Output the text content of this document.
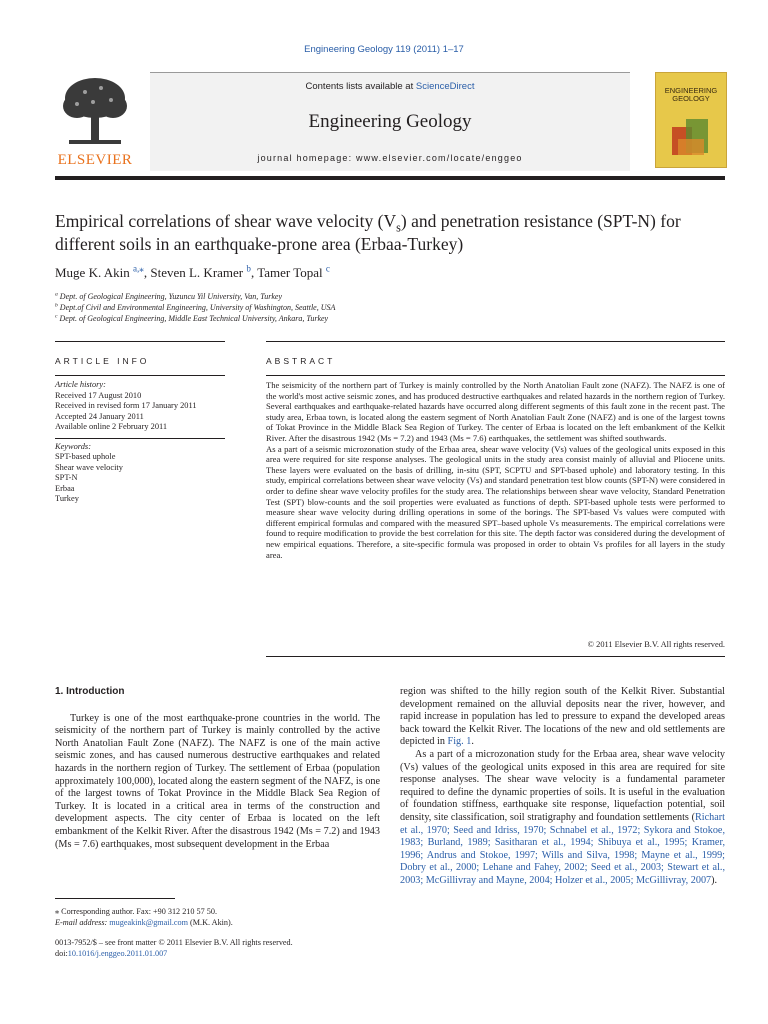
Engineering Geology 119 (2011) 1–17
ELSEVIER
Contents lists available at ScienceDirect
Engineering Geology
journal homepage: www.elsevier.com/locate/enggeo
ENGINEERING
GEOLOGY
Empirical correlations of shear wave velocity $(V_s)$ and penetration resistance (SPT-N) for different soils in an earthquake-prone area (Erbaa-Turkey)
Muge K. Akin $^{a,⁎}$, Steven L. Kramer $^b$, Tamer Topal $^c$
$^a$ Dept. of Geological Engineering, Yuzuncu Yil University, Van, Turkey
$^b$ Dept.of Civil and Environmental Engineering, University of Washington, Seattle, USA
$^c$ Dept. of Geological Engineering, Middle East Technical University, Ankara, Turkey
ARTICLE INFO	ABSTRACT
Article history:
Received 17 August 2010
Received in revised form 17 January 2011
Accepted 24 January 2011
Available online 2 February 2011
Keywords:
SPT-based uphole
Shear wave velocity
SPT-N
Erbaa
Turkey

The seismicity of the northern part of Turkey is mainly controlled by the North Anatolian Fault zone (NAFZ). The NAFZ is one of the world's most active seismic zones, and has produced destructive earthquakes and related hazards in the northern region of Turkey. Several earthquakes and earthquake-related hazards have occurred along different segments of this fault zone in the recent past. The study area, Erbaa town, is located along the eastern segment of North Anatolian Fault Zone (NAFZ) and is one of the largest towns of Tokat Province in the Middle Black Sea Region of Turkey. The center of Erbaa is located on the left embankment of the Kelkit River. After the disastrous 1942 (Ms = 7.2) and 1943 (Ms = 7.6) earthquakes, the settlement was shifted southwards.

As a part of a seismic microzonation study of the Erbaa area, shear wave velocity (Vs) values of the geological units exposed in this area were required for site response analyses. The geological units in the study area consist mainly of alluvial and Pliocene units. These layers were evaluated on the basis of drilling, in-situ (SPT, SCPTU and SPT-based uphole) and laboratory testing. In this study, empirical correlations between shear wave velocity (Vs) and standard penetration test blow counts (SPT-N) were considered in order to define shear wave velocity profiles for the study area. The relationships between shear wave velocity, Standard Penetration Test (SPT) blow-counts and the soil properties were evaluated as functions of depth. SPT-based uphole tests were performed to measure shear wave velocity during drilling operations in some of the borings. The SPT-based Vs values were computed with different empirical formulas and compared with the measured SPT–based uphole Vs measurements. The empirical correlations were found to require modification to provide the best correlation for this site. The depth factor was considered during the development of new empirical equations. Therefore, a site-specific formula was proposed in order to obtain Vs profiles for all layers in the study area.

© 2011 Elsevier B.V. All rights reserved.
1. Introduction

Turkey is one of the most earthquake-prone countries in the world. The seismicity of the northern part of Turkey is mainly controlled by the active North Anatolian Fault Zone (NAFZ). The NAFZ is one of the main active seismic zones, and has caused numerous destructive earthquakes and related hazards in the northern region of Turkey. The settlement of Erbaa (population approximately 100,000), located along the eastern segment of the NAFZ, is one of the largest towns of Tokat Province in the Middle Black Sea Region of Turkey. It is located in a critical area in terms of the construction and development aspects. The city center of Erbaa is located on the left embankment of the Kelkit River. After the disastrous 1942 (Ms = 7.2) and 1943 (Ms = 7.6) earthquakes, most subsequent development in the Erbaa

region was shifted to the hilly region south of the Kelkit River. Substantial development remained on the alluvial deposits near the river, however, and rapid increase in population has led to pressure to expand the developed areas back toward the Kelkit River. The locations of the new and old settlements are depicted in Fig. 1.

As a part of a microzonation study for the Erbaa area, shear wave velocity (Vs) values of the geological units exposed in this area are required for site response analyses. The shear wave velocity is a fundamental parameter required to define the dynamic properties of soils. It is useful in the evaluation of foundation stiffness, earthquake site response, liquefaction potential, soil density, site classification, soil stratigraphy and foundation settlements (Richart et al., 1970; Seed and Idriss, 1970; Schnabel et al., 1972; Sykora and Stokoe, 1983; Burland, 1989; Sasitharan et al., 1994; Shibuya et al., 1995; Kramer, 1996; Andrus and Stokoe, 1997; Wills and Silva, 1998; Mayne et al., 1999; Dobry et al., 2000; Lehane and Fahey, 2002; Seed et al., 2003; Stewart et al., 2003; McGillivray and Mayne, 2004; Holzer et al., 2005; McGillivray, 2007).

⁎ Corresponding author. Fax: +90 312 210 57 50.
E-mail address: mugeakink@gmail.com (M.K. Akin).
0013-7952/$ – see front matter © 2011 Elsevier B.V. All rights reserved.
doi:10.1016/j.enggeo.2011.01.007
